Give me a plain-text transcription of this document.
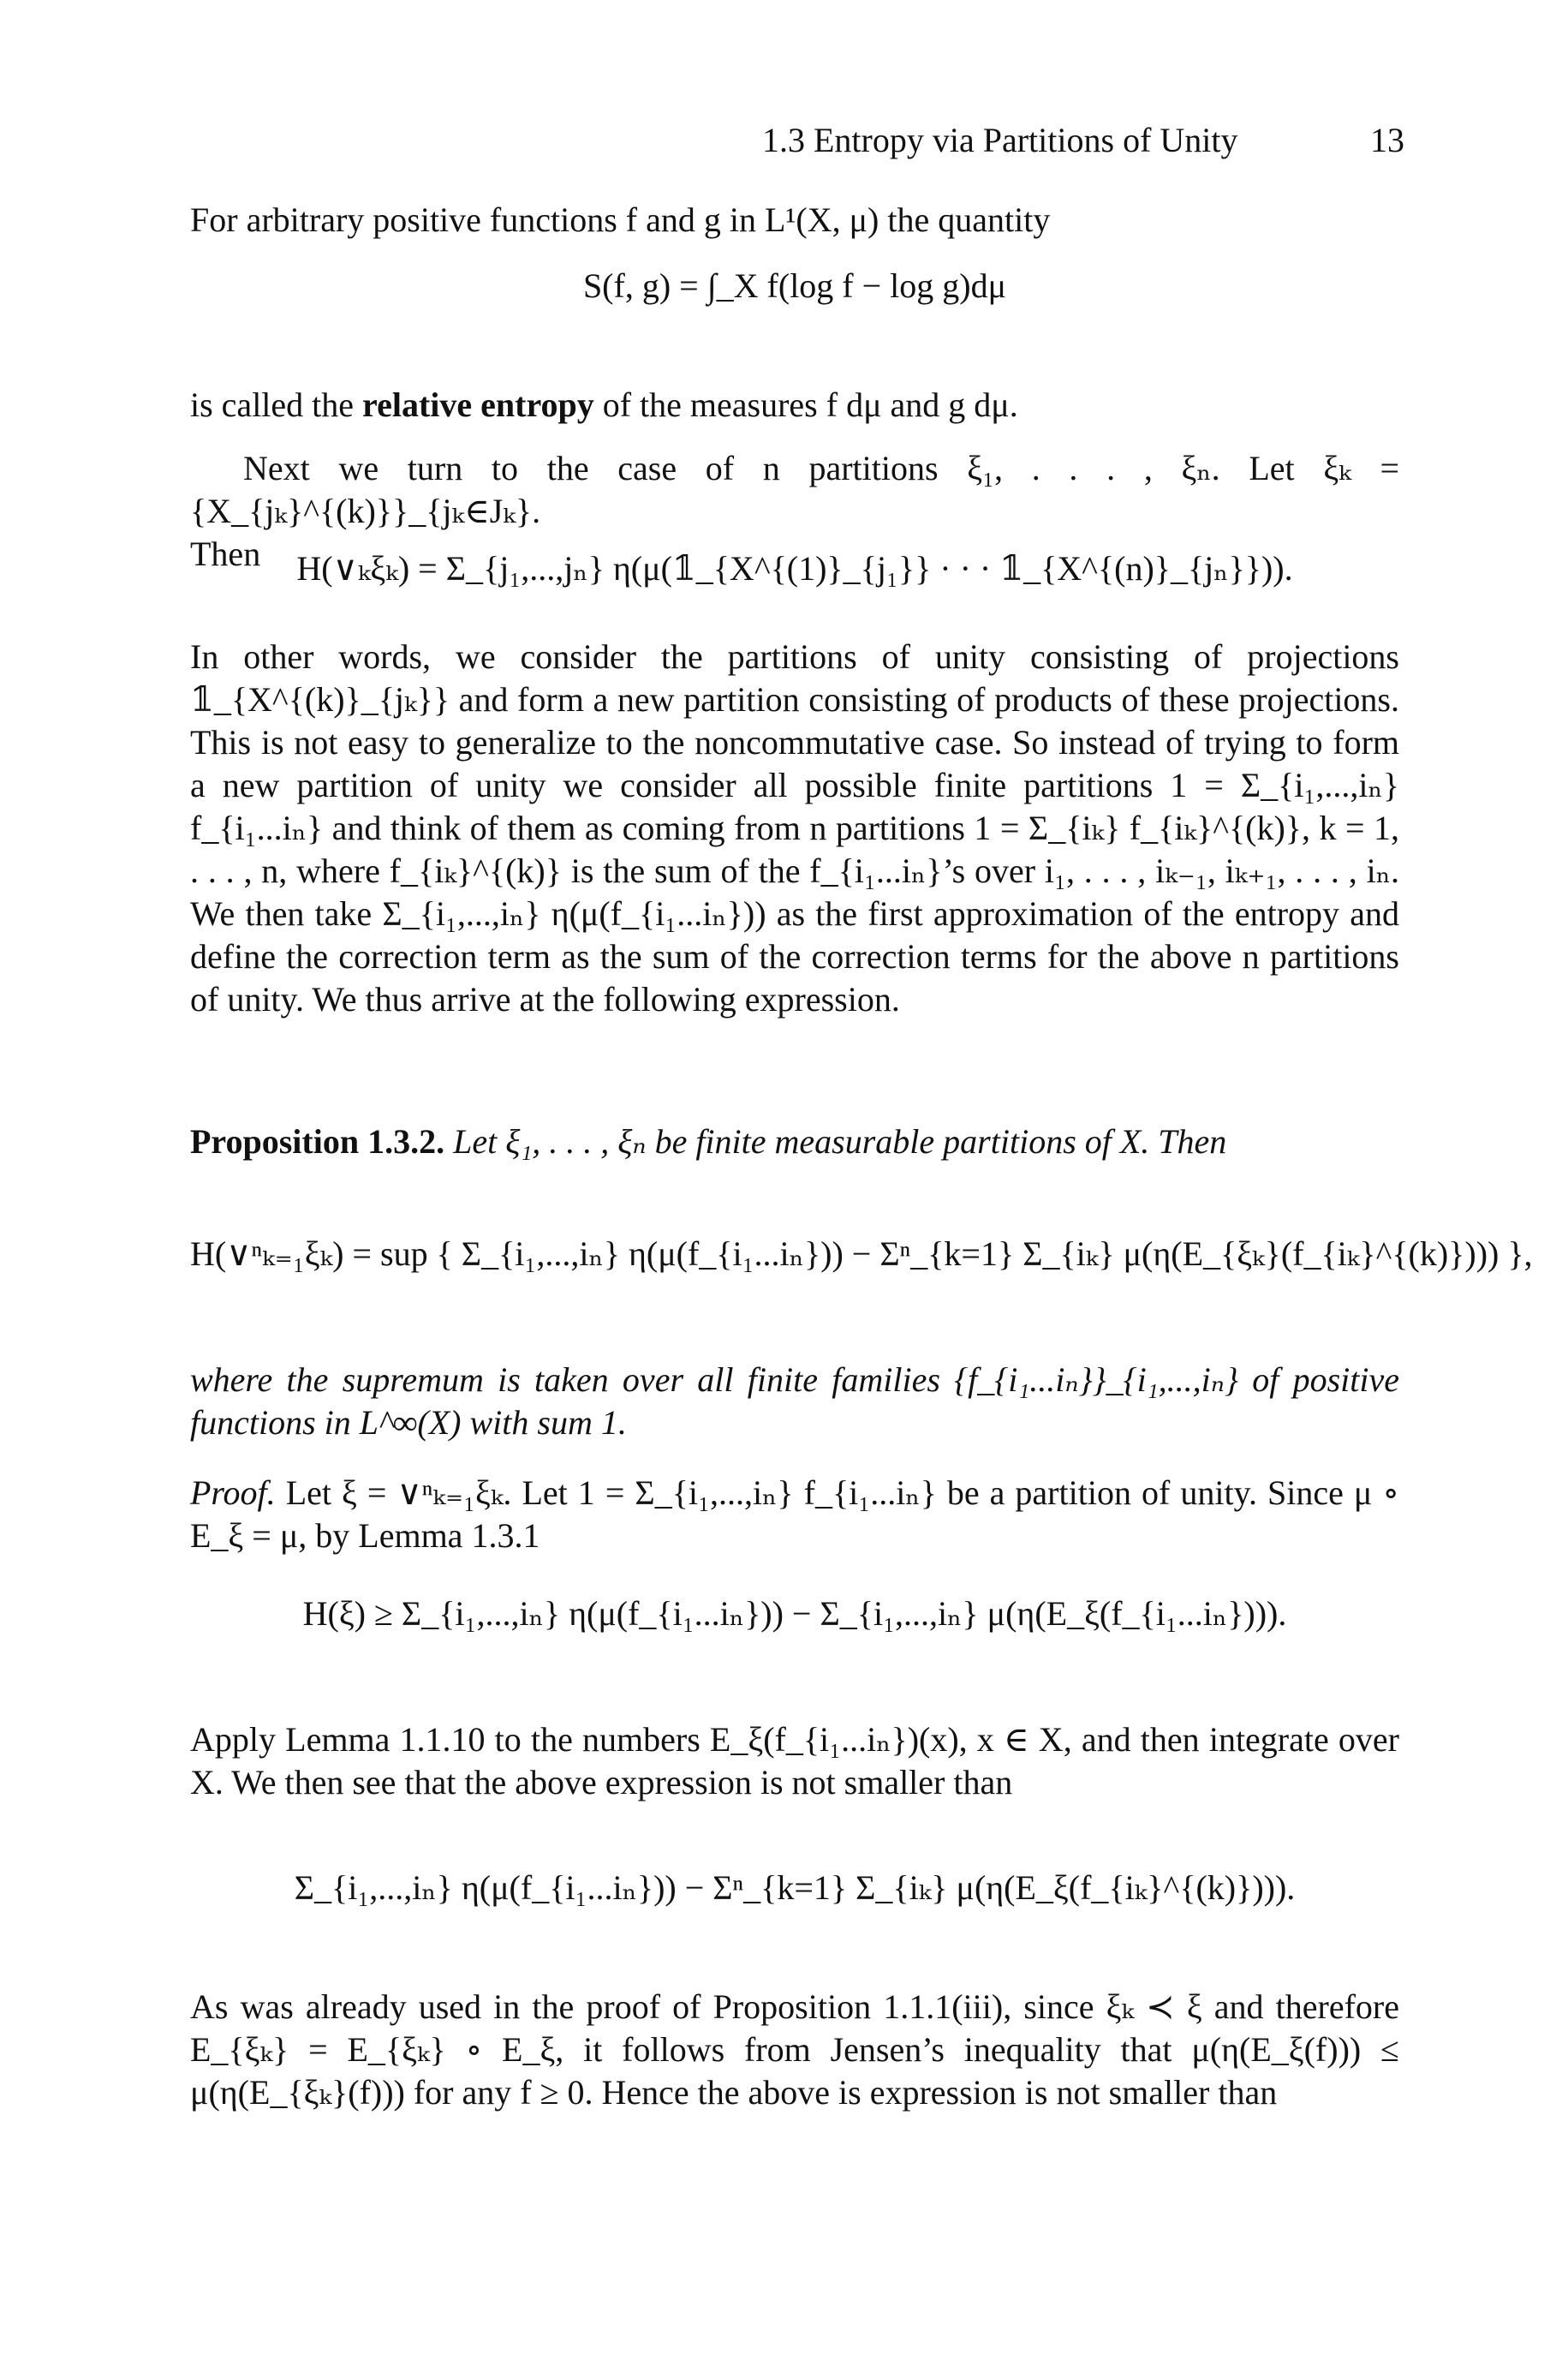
1.3 Entropy via Partitions of Unity	13

For arbitrary positive functions f and g in L¹(X, μ) the quantity

S(f, g) = ∫_X f(log f − log g)dμ

is called the relative entropy of the measures f dμ and g dμ.

Next we turn to the case of n partitions ξ₁, . . . , ξₙ. Let ξₖ = {X_{jₖ}^{(k)}}_{jₖ∈Jₖ}.

Then	H(∨ₖξₖ) = Σ_{j₁,...,jₙ} η(μ(𝟙_{X^{(1)}_{j₁}} · · · 𝟙_{X^{(n)}_{jₙ}})).

In other words, we consider the partitions of unity consisting of projections 𝟙_{X^{(k)}_{jₖ}} and form a new partition consisting of products of these projections. This is not easy to generalize to the noncommutative case. So instead of trying to form a new partition of unity we consider all possible finite partitions 1 = Σ_{i₁,...,iₙ} f_{i₁...iₙ} and think of them as coming from n partitions 1 = Σ_{iₖ} f_{iₖ}^{(k)}, k = 1, . . . , n, where f_{iₖ}^{(k)} is the sum of the f_{i₁...iₙ}’s over i₁, . . . , iₖ₋₁, iₖ₊₁, . . . , iₙ. We then take Σ_{i₁,...,iₙ} η(μ(f_{i₁...iₙ})) as the first approximation of the entropy and define the correction term as the sum of the correction terms for the above n partitions of unity. We thus arrive at the following expression.

Proposition 1.3.2. Let ξ₁, . . . , ξₙ be finite measurable partitions of X. Then

H(∨ⁿₖ₌₁ξₖ) = sup { Σ_{i₁,...,iₙ} η(μ(f_{i₁...iₙ})) − Σⁿ_{k=1} Σ_{iₖ} μ(η(E_{ξₖ}(f_{iₖ}^{(k)}))) },

where the supremum is taken over all finite families {f_{i₁...iₙ}}_{i₁,...,iₙ} of positive functions in L^∞(X) with sum 1.

Proof. Let ξ = ∨ⁿₖ₌₁ξₖ. Let 1 = Σ_{i₁,...,iₙ} f_{i₁...iₙ} be a partition of unity. Since μ ∘ E_ξ = μ, by Lemma 1.3.1

H(ξ) ≥ Σ_{i₁,...,iₙ} η(μ(f_{i₁...iₙ})) − Σ_{i₁,...,iₙ} μ(η(E_ξ(f_{i₁...iₙ}))).

Apply Lemma 1.1.10 to the numbers E_ξ(f_{i₁...iₙ})(x), x ∈ X, and then integrate over X. We then see that the above expression is not smaller than

Σ_{i₁,...,iₙ} η(μ(f_{i₁...iₙ})) − Σⁿ_{k=1} Σ_{iₖ} μ(η(E_ξ(f_{iₖ}^{(k)}))).

As was already used in the proof of Proposition 1.1.1(iii), since ξₖ ≺ ξ and therefore E_{ξₖ} = E_{ξₖ} ∘ E_ξ, it follows from Jensen’s inequality that μ(η(E_ξ(f))) ≤ μ(η(E_{ξₖ}(f))) for any f ≥ 0. Hence the above is expression is not smaller than
